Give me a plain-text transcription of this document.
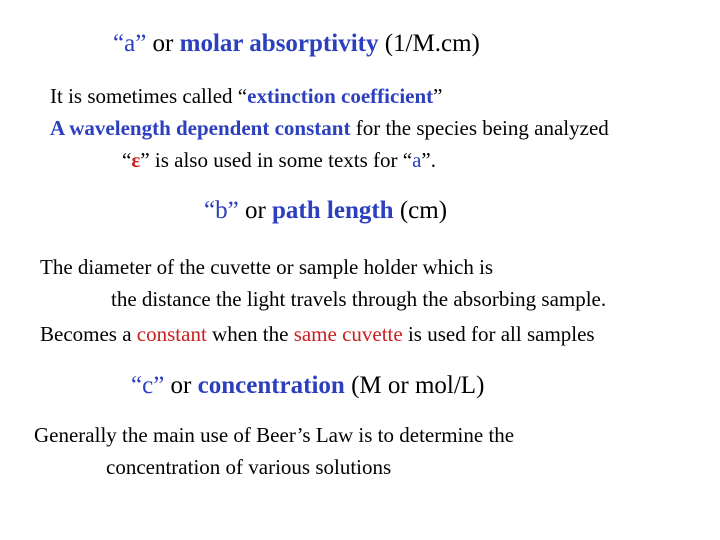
“a” or molar absorptivity (1/M.cm)
It is sometimes called “extinction coefficient”
A wavelength dependent constant for the species being analyzed
“ε” is also used in some texts for “a”.
“b” or path length (cm)
The diameter of the cuvette or sample holder which is
the distance the light travels through the absorbing sample.
Becomes a constant when the same cuvette is used for all samples
“c” or concentration (M or mol/L)
Generally the main use of Beer’s Law is to determine the
concentration of various solutions
